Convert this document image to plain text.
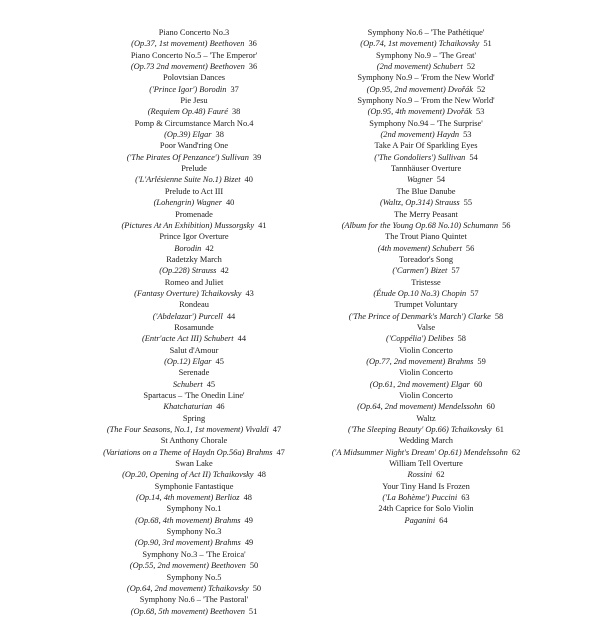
Piano Concerto No.3
(Op.37, 1st movement) Beethoven 36
Piano Concerto No.5 – 'The Emperor'
(Op.73 2nd movement) Beethoven 36
Polovtsian Dances
('Prince Igor') Borodin 37
Pie Jesu
(Requiem Op.48) Fauré 38
Pomp & Circumstance March No.4
(Op.39) Elgar 38
Poor Wand'ring One
('The Pirates Of Penzance') Sullivan 39
Prelude
('L'Arlésienne Suite No.1) Bizet 40
Prelude to Act III
(Lohengrin) Wagner 40
Promenade
(Pictures At An Exhibition) Mussorgsky 41
Prince Igor Overture
Borodin 42
Radetzky March
(Op.228) Strauss 42
Romeo and Juliet
(Fantasy Overture) Tchaikovsky 43
Rondeau
('Abdelazar') Purcell 44
Rosamunde
(Entr'acte Act III) Schubert 44
Salut d'Amour
(Op.12) Elgar 45
Serenade
Schubert 45
Spartacus – 'The Onedin Line'
Khatchaturian 46
Spring
(The Four Seasons, No.1, 1st movement) Vivaldi 47
St Anthony Chorale
(Variations on a Theme of Haydn Op.56a) Brahms 47
Swan Lake
(Op.20, Opening of Act II) Tchaikovsky 48
Symphonie Fantastique
(Op.14, 4th movement) Berlioz 48
Symphony No.1
(Op.68, 4th movement) Brahms 49
Symphony No.3
(Op.90, 3rd movement) Brahms 49
Symphony No.3 – 'The Eroica'
(Op.55, 2nd movement) Beethoven 50
Symphony No.5
(Op.64, 2nd movement) Tchaikovsky 50
Symphony No.6 – 'The Pastoral'
(Op.68, 5th movement) Beethoven 51
Symphony No.6 – 'The Pathétique'
(Op.74, 1st movement) Tchaikovsky 51
Symphony No.9 – 'The Great'
(2nd movement) Schubert 52
Symphony No.9 – 'From the New World'
(Op.95, 2nd movement) Dvořák 52
Symphony No.9 – 'From the New World'
(Op.95, 4th movement) Dvořák 53
Symphony No.94 – 'The Surprise'
(2nd movement) Haydn 53
Take A Pair Of Sparkling Eyes
('The Gondoliers') Sullivan 54
Tannhäuser Overture
Wagner 54
The Blue Danube
(Waltz, Op.314) Strauss 55
The Merry Peasant
(Album for the Young Op.68 No.10) Schumann 56
The Trout Piano Quintet
(4th movement) Schubert 56
Toreador's Song
('Carmen') Bizet 57
Tristesse
(Étude Op.10 No.3) Chopin 57
Trumpet Voluntary
('The Prince of Denmark's March') Clarke 58
Valse
('Coppélia') Delibes 58
Violin Concerto
(Op.77, 2nd movement) Brahms 59
Violin Concerto
(Op.61, 2nd movement) Elgar 60
Violin Concerto
(Op.64, 2nd movement) Mendelssohn 60
Waltz
('The Sleeping Beauty' Op.66) Tchaikovsky 61
Wedding March
('A Midsummer Night's Dream' Op.61) Mendelssohn 62
William Tell Overture
Rossini 62
Your Tiny Hand Is Frozen
('La Bohème') Puccini 63
24th Caprice for Solo Violin
Paganini 64
